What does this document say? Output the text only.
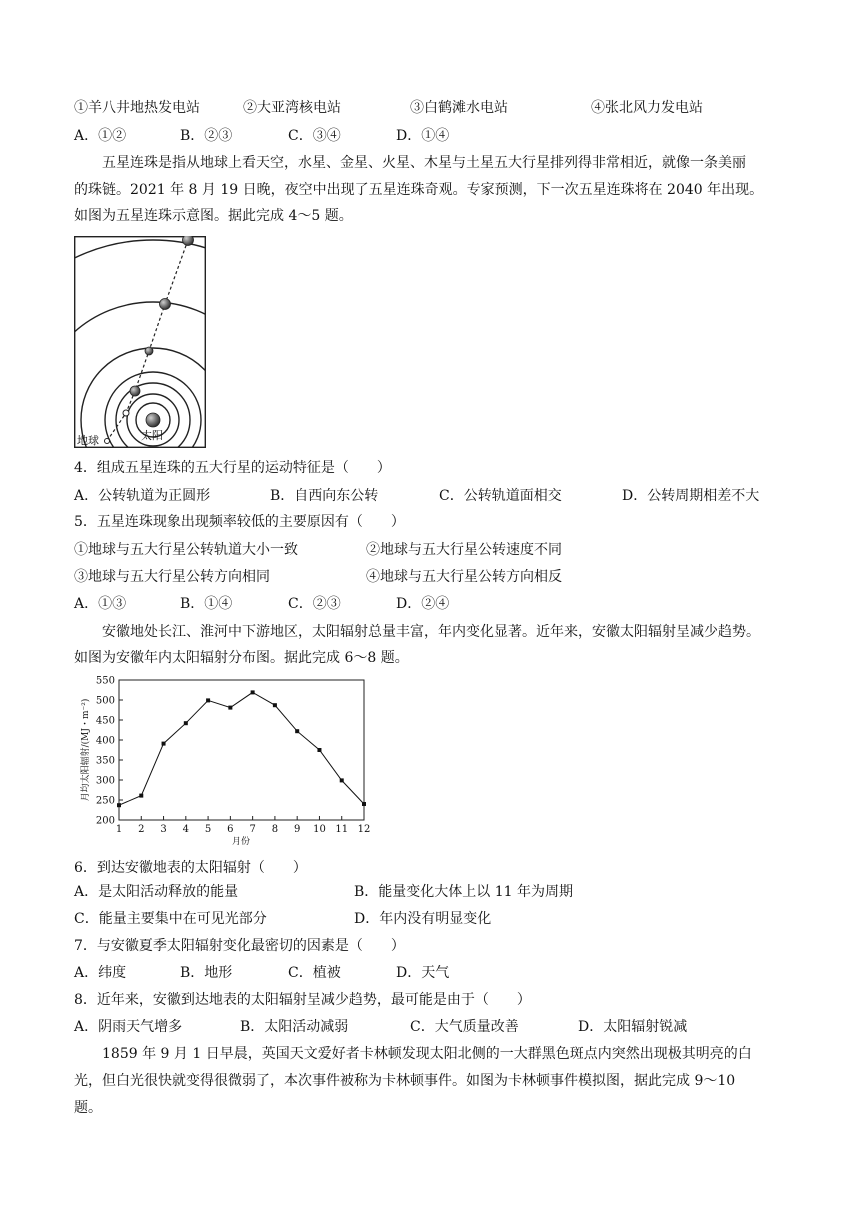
①羊八井地热发电站	②大亚湾核电站	③白鹤滩水电站	④张北风力发电站
A．①②	B．②③	C．③④	D．①④
五星连珠是指从地球上看天空，水星、金星、火星、木星与土星五大行星排列得非常相近，就像一条美丽
的珠链。2021 年 8 月 19 日晚，夜空中出现了五星连珠奇观。专家预测，下一次五星连珠将在 2040 年出现。
如图为五星连珠示意图。据此完成 4～5 题。
地球	太阳
4．组成五星连珠的五大行星的运动特征是（　　）
A．公转轨道为正圆形	B．自西向东公转	C．公转轨道面相交	D．公转周期相差不大
5．五星连珠现象出现频率较低的主要原因有（　　）
①地球与五大行星公转轨道大小一致	②地球与五大行星公转速度不同
③地球与五大行星公转方向相同	④地球与五大行星公转方向相反
A．①③	B．①④	C．②③	D．②④
安徽地处长江、淮河中下游地区，太阳辐射总量丰富，年内变化显著。近年来，安徽太阳辐射呈减少趋势。
如图为安徽年内太阳辐射分布图。据此完成 6～8 题。
月均太阳辐射/(MJ・m⁻²)
月份
200
250
300
350
400
450
500
550
1 2 3 4 5 6 7 8 9 10 11 12
6．到达安徽地表的太阳辐射（　　）
A．是太阳活动释放的能量	B．能量变化大体上以 11 年为周期
C．能量主要集中在可见光部分	D．年内没有明显变化
7．与安徽夏季太阳辐射变化最密切的因素是（　　）
A．纬度	B．地形	C．植被	D．天气
8．近年来，安徽到达地表的太阳辐射呈减少趋势，最可能是由于（　　）
A．阴雨天气增多	B．太阳活动减弱	C．大气质量改善	D．太阳辐射锐减
1859 年 9 月 1 日早晨，英国天文爱好者卡林顿发现太阳北侧的一大群黑色斑点内突然出现极其明亮的白
光，但白光很快就变得很微弱了，本次事件被称为卡林顿事件。如图为卡林顿事件模拟图，据此完成 9～10
题。
